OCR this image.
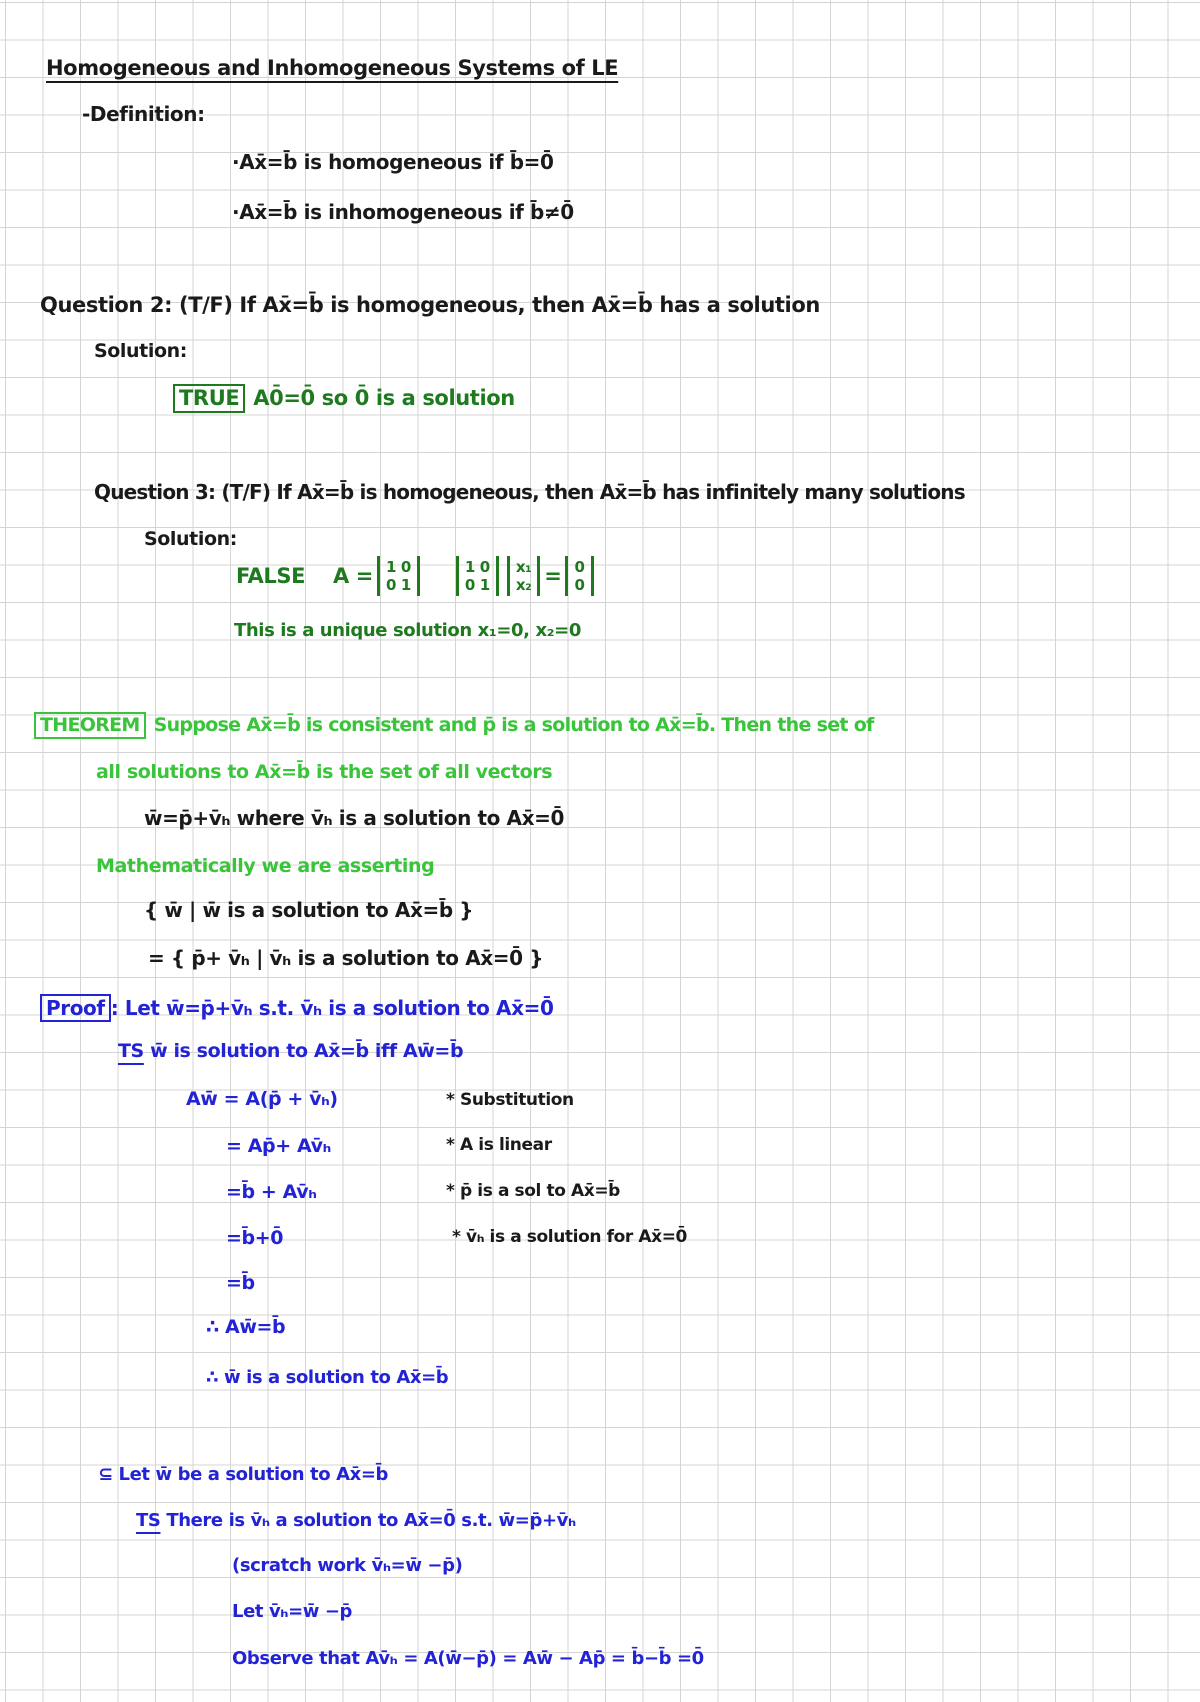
Homogeneous and Inhomogeneous Systems of LE
-Definition:
·Ax̄=b̄ is homogeneous if b̄=0̄
·Ax̄=b̄ is inhomogeneous if b̄≠0̄
Question 2: (T/F) If Ax̄=b̄ is homogeneous, then Ax̄=b̄ has a solution
Solution:
TRUE A0̄=0̄ so 0̄ is a solution
Question 3: (T/F) If Ax̄=b̄ is homogeneous, then Ax̄=b̄ has infinitely many solutions
Solution:
FALSE A = 1 0
0 1
1 0
0 1
x₁
x₂ = 0
0
This is a unique solution x₁=0, x₂=0
THEOREM Suppose Ax̄=b̄ is consistent and p̄ is a solution to Ax̄=b̄. Then the set of
all solutions to Ax̄=b̄ is the set of all vectors
w̄=p̄+v̄ₕ where v̄ₕ is a solution to Ax̄=0̄
Mathematically we are asserting
{ w̄ | w̄ is a solution to Ax̄=b̄ }
= { p̄+ v̄ₕ | v̄ₕ is a solution to Ax̄=0̄ }
Proof : Let w̄=p̄+v̄ₕ s.t. v̄ₕ is a solution to Ax̄=0̄
TS w̄ is solution to Ax̄=b̄ iff Aw̄=b̄
Aw̄ = A(p̄ + v̄ₕ)	* Substitution
= Ap̄+ Av̄ₕ	* A is linear
=b̄ + Av̄ₕ	* p̄ is a sol to Ax̄=b̄
=b̄+0̄	* v̄ₕ is a solution for Ax̄=0̄
=b̄
∴ Aw̄=b̄
∴ w̄ is a solution to Ax̄=b̄
⊆ Let w̄ be a solution to Ax̄=b̄
TS There is v̄ₕ a solution to Ax̄=0̄ s.t. w̄=p̄+v̄ₕ
(scratch work v̄ₕ=w̄ −p̄)
Let v̄ₕ=w̄ −p̄
Observe that Av̄ₕ = A(w̄−p̄) = Aw̄ − Ap̄ = b̄−b̄ =0̄
